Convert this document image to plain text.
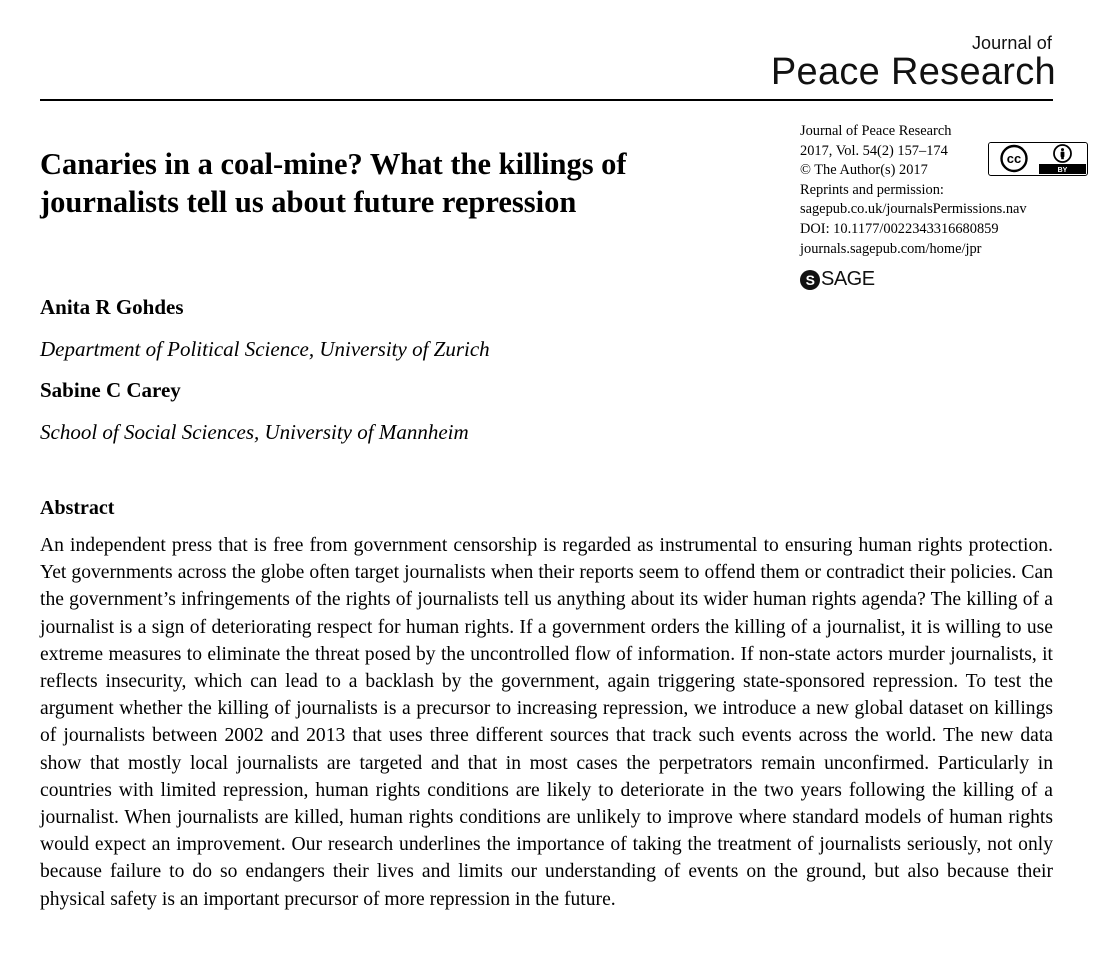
Journal of
Peace Research
Canaries in a coal-mine? What the killings of journalists tell us about future repression
Journal of Peace Research
2017, Vol. 54(2) 157–174
© The Author(s) 2017
Reprints and permission:
sagepub.co.uk/journalsPermissions.nav
DOI: 10.1177/0022343316680859
journals.sagepub.com/home/jpr
cc
BY
S SAGE

Anita R Gohdes

Department of Political Science, University of Zurich

Sabine C Carey

School of Social Sciences, University of Mannheim

Abstract

An independent press that is free from government censorship is regarded as instrumental to ensuring human rights protection. Yet governments across the globe often target journalists when their reports seem to offend them or contradict their policies. Can the government’s infringements of the rights of journalists tell us anything about its wider human rights agenda? The killing of a journalist is a sign of deteriorating respect for human rights. If a government orders the killing of a journalist, it is willing to use extreme measures to eliminate the threat posed by the uncontrolled flow of information. If non-state actors murder journalists, it reflects insecurity, which can lead to a backlash by the government, again triggering state-sponsored repression. To test the argument whether the killing of journalists is a precursor to increasing repression, we introduce a new global dataset on killings of journalists between 2002 and 2013 that uses three different sources that track such events across the world. The new data show that mostly local journalists are targeted and that in most cases the perpetrators remain unconfirmed. Particularly in countries with limited repression, human rights conditions are likely to deteriorate in the two years following the killing of a journalist. When journalists are killed, human rights conditions are unlikely to improve where standard models of human rights would expect an improvement. Our research underlines the importance of taking the treatment of journalists seriously, not only because failure to do so endangers their lives and limits our understanding of events on the ground, but also because their physical safety is an important precursor of more repression in the future.
